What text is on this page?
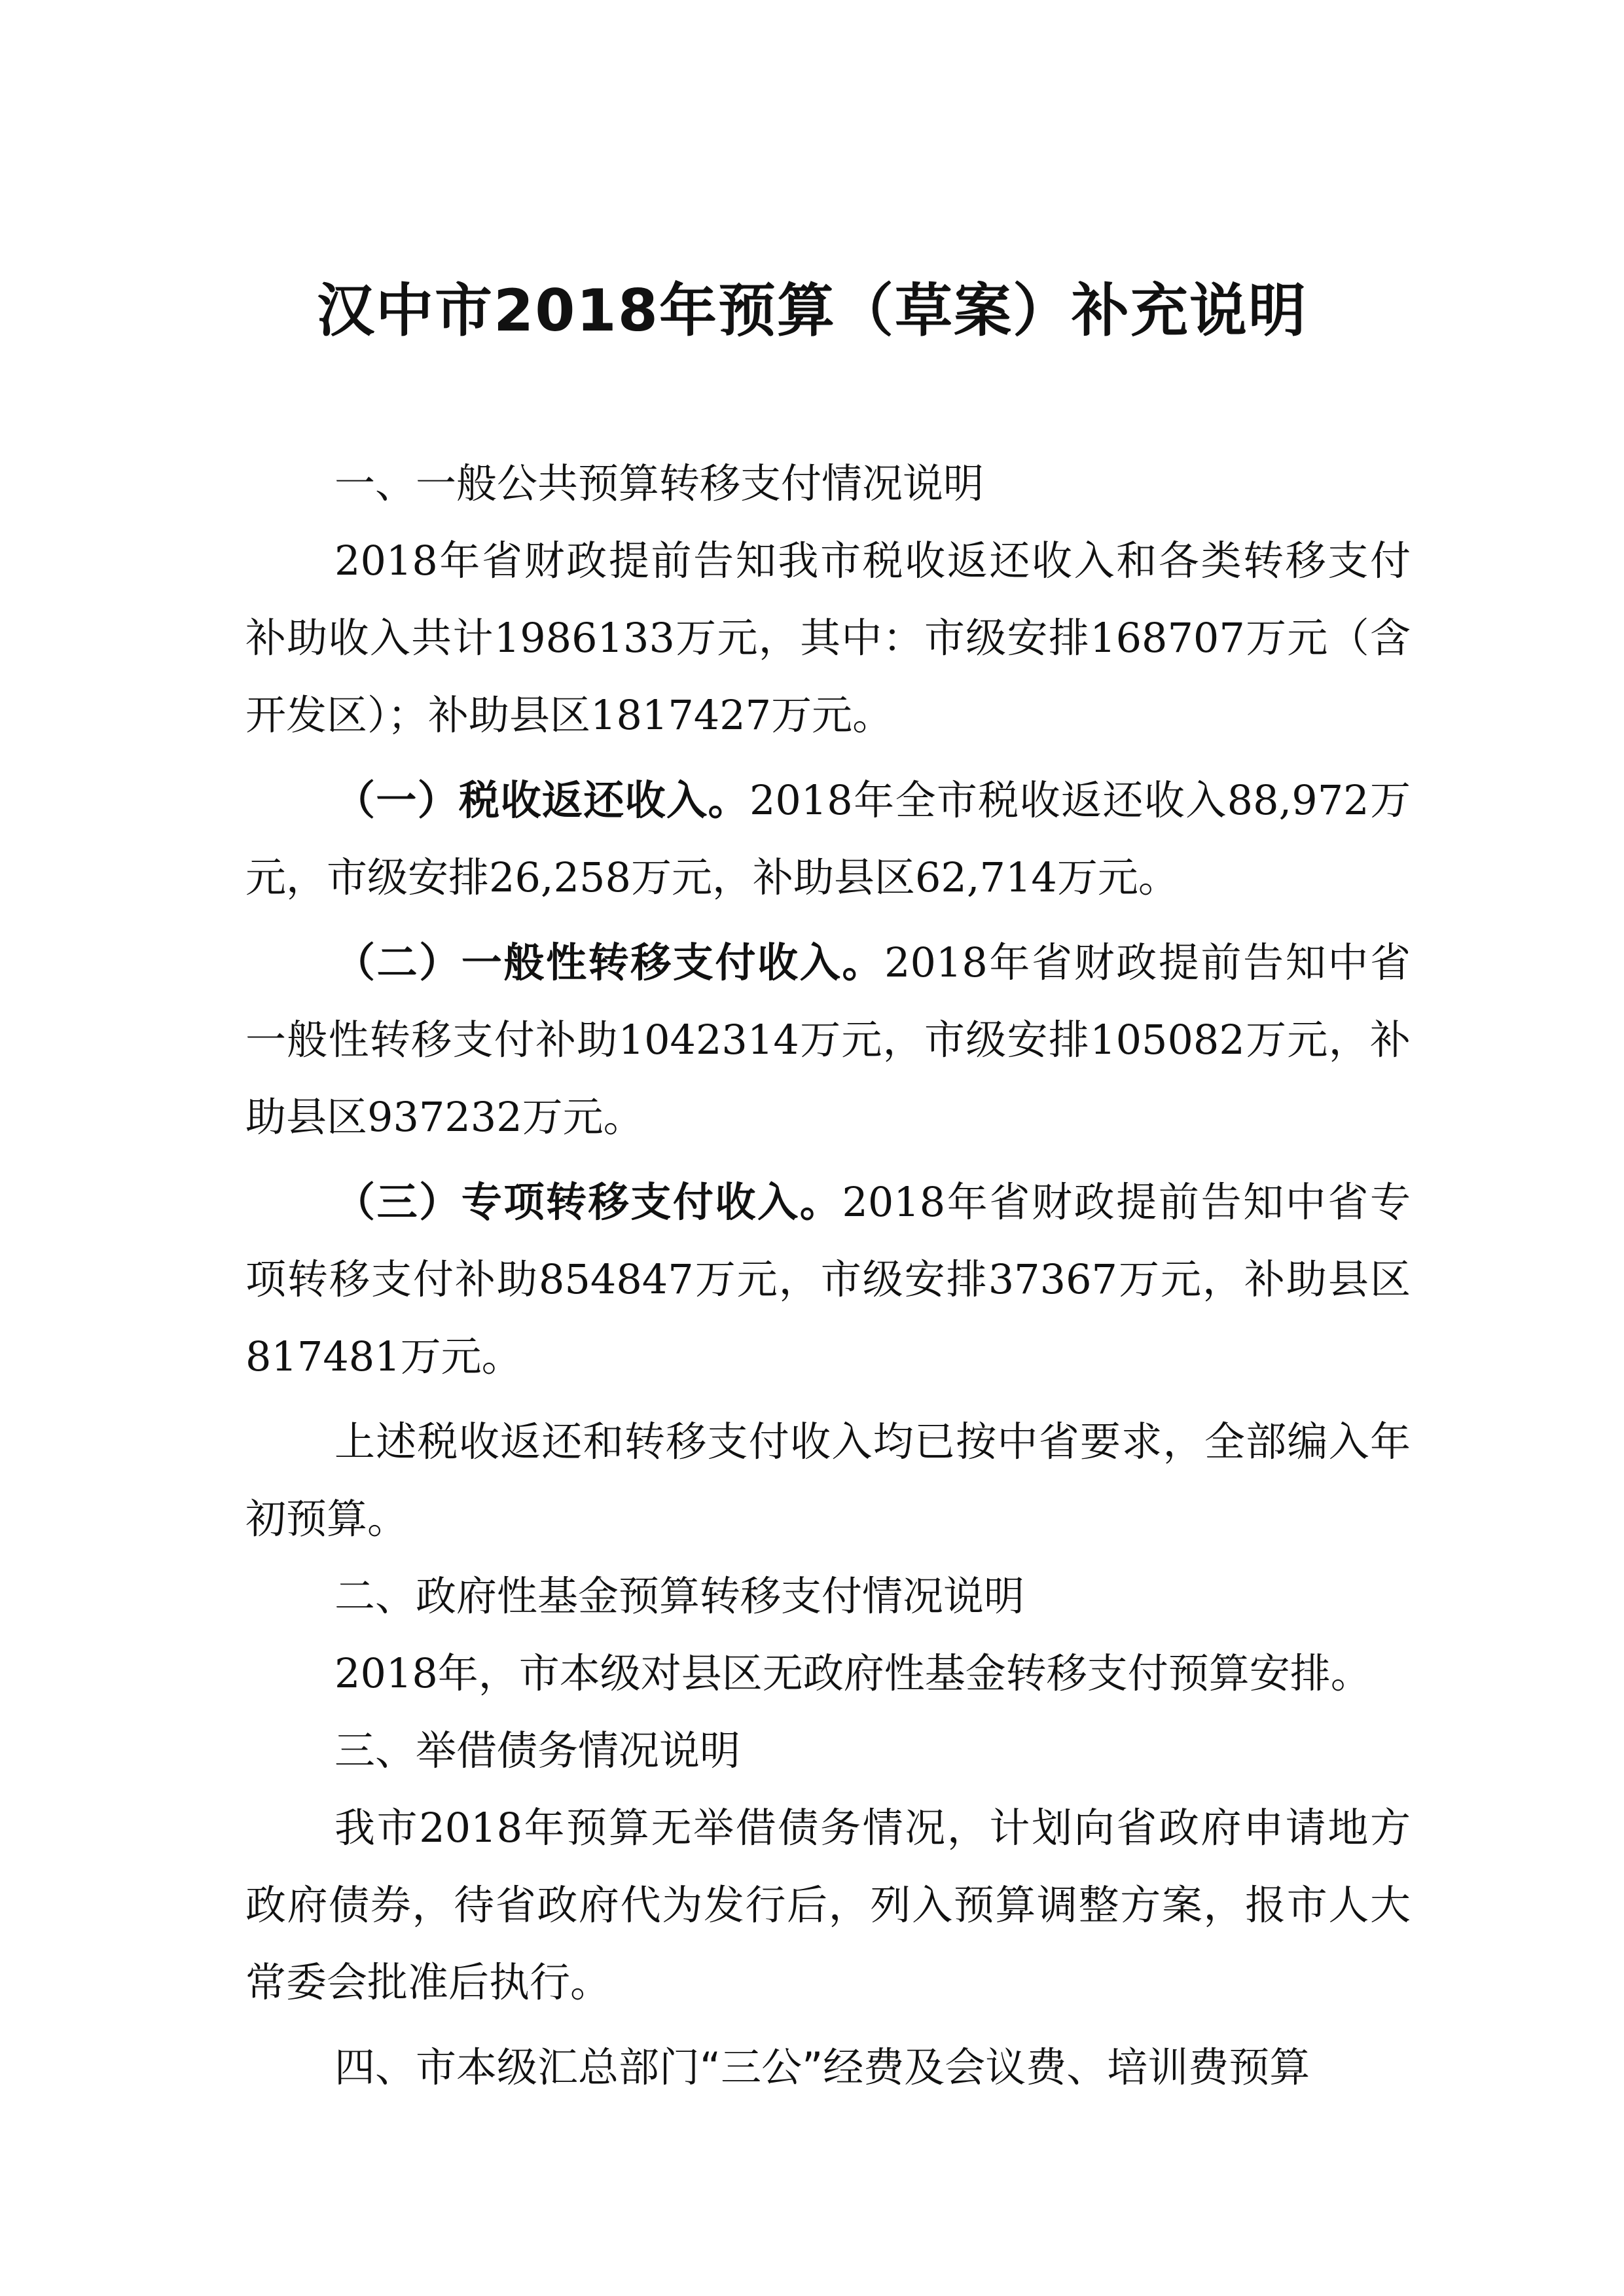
汉中市2018年预算（草案）补充说明

一、一般公共预算转移支付情况说明

2018年省财政提前告知我市税收返还收入和各类转移支付补助收入共计1986133万元，其中：市级安排168707万元（含开发区）；补助县区1817427万元。

（一）税收返还收入。2018年全市税收返还收入88,972万元，市级安排26,258万元，补助县区62,714万元。

（二）一般性转移支付收入。2018年省财政提前告知中省一般性转移支付补助1042314万元，市级安排105082万元，补助县区937232万元。

（三）专项转移支付收入。2018年省财政提前告知中省专项转移支付补助854847万元，市级安排37367万元，补助县区817481万元。

上述税收返还和转移支付收入均已按中省要求，全部编入年初预算。

二、政府性基金预算转移支付情况说明

2018年，市本级对县区无政府性基金转移支付预算安排。

三、举借债务情况说明

我市2018年预算无举借债务情况，计划向省政府申请地方政府债券，待省政府代为发行后，列入预算调整方案，报市人大常委会批准后执行。

四、市本级汇总部门“三公”经费及会议费、培训费预算
